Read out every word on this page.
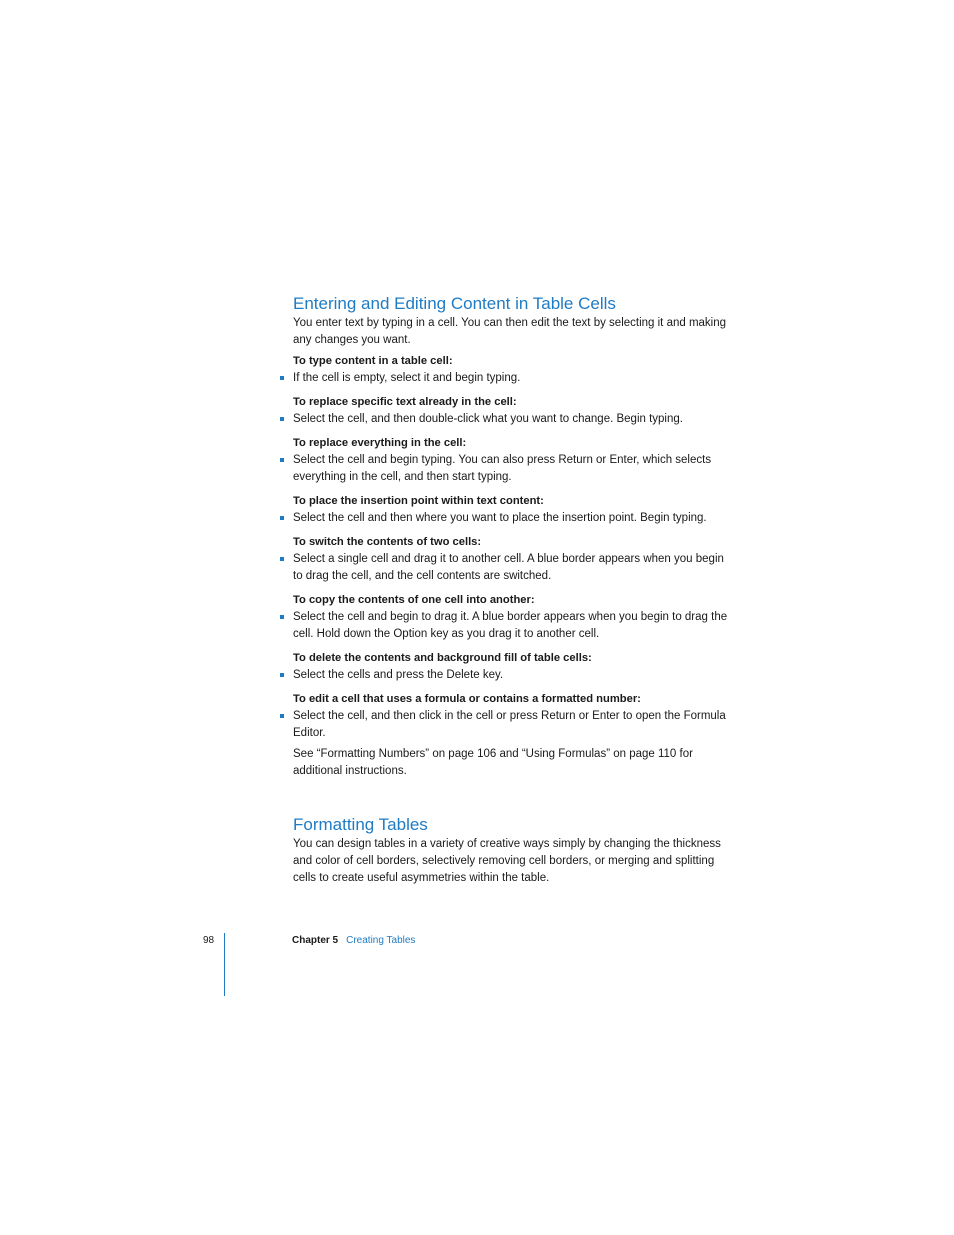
Entering and Editing Content in Table Cells

You enter text by typing in a cell. You can then edit the text by selecting it and making any changes you want.

To type content in a table cell:

If the cell is empty, select it and begin typing.

To replace specific text already in the cell:

Select the cell, and then double-click what you want to change. Begin typing.

To replace everything in the cell:

Select the cell and begin typing. You can also press Return or Enter, which selects everything in the cell, and then start typing.

To place the insertion point within text content:

Select the cell and then where you want to place the insertion point. Begin typing.

To switch the contents of two cells:

Select a single cell and drag it to another cell. A blue border appears when you begin to drag the cell, and the cell contents are switched.

To copy the contents of one cell into another:

Select the cell and begin to drag it. A blue border appears when you begin to drag the cell. Hold down the Option key as you drag it to another cell.

To delete the contents and background fill of table cells:

Select the cells and press the Delete key.

To edit a cell that uses a formula or contains a formatted number:

Select the cell, and then click in the cell or press Return or Enter to open the Formula Editor.

See “Formatting Numbers” on page 106 and “Using Formulas” on page 110 for additional instructions.

Formatting Tables

You can design tables in a variety of creative ways simply by changing the thickness and color of cell borders, selectively removing cell borders, or merging and splitting cells to create useful asymmetries within the table.

98	Chapter 5 Creating Tables
